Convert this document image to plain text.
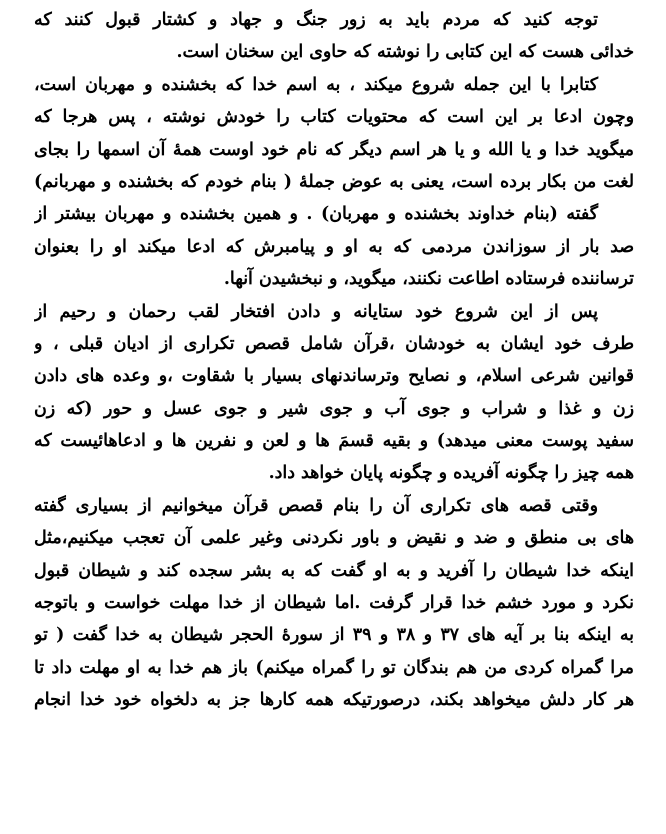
توجه کنید که مردم باید به زور جنگ و جهاد و کشتار قبول کنند که
خدائی هست که این کتابی را نوشته که حاوی این سخنان است.
کتابرا با این جمله شروع میکند ، به اسم خدا که بخشنده و مهربان است،
وچون ادعا بر این است که محتویات کتاب را خودش نوشته ، پس هرجا که
میگوید خدا و یا الله و یا هر اسم دیگر که نام خود اوست همهٔ آن اسمها را بجای
لغت من بکار برده است، یعنی به عوض جملهٔ ( بنام خودم که بخشنده و مهربانم)
گفته (بنام خداوند بخشنده و مهربان) . و همین بخشنده و مهربان بیشتر از
صد بار از سوزاندن مردمی که به او و پیامبرش که ادعا میکند او را بعنوان
ترساننده فرستاده اطاعت نکنند، میگوید، و نبخشیدن آنها.
پس از این شروع خود ستایانه و دادن افتخار لقب رحمان و رحیم از
طرف خود ایشان به خودشان ،قرآن شامل قصص تکراری از ادیان قبلی ، و
قوانین شرعی اسلام، و نصایح وترساندنهای بسیار با شقاوت ،و وعده های دادن
زن و غذا و شراب و جوی آب و جوی شیر و جوی عسل و حور (که زن
سفید پوست معنی میدهد) و بقیه قسمَ ها و لعن و نفرین ها و ادعاهائیست که
همه چیز را چگونه آفریده و چگونه پایان خواهد داد.
وقتی قصه های تکراری آن را بنام قصص قرآن میخوانیم از بسیاری گفته
های بی منطق و ضد و نقیض و باور نکردنی وغیر علمی آن تعجب میکنیم،مثل
اینکه خدا شیطان را آفرید و به او گفت که به بشر سجده کند و شیطان قبول
نکرد و مورد خشم خدا قرار گرفت .اما شیطان از خدا مهلت خواست و باتوجه
به اینکه بنا بر آیه های ۳۷ و ۳۸ و ۳۹ از سورهٔ الحجر شیطان به خدا گفت ( تو
مرا گمراه کردی من هم بندگان تو را گمراه میکنم) باز هم خدا به او مهلت داد تا
هر کار دلش میخواهد بکند، درصورتیکه همه کارها جز به دلخواه خود خدا انجام
